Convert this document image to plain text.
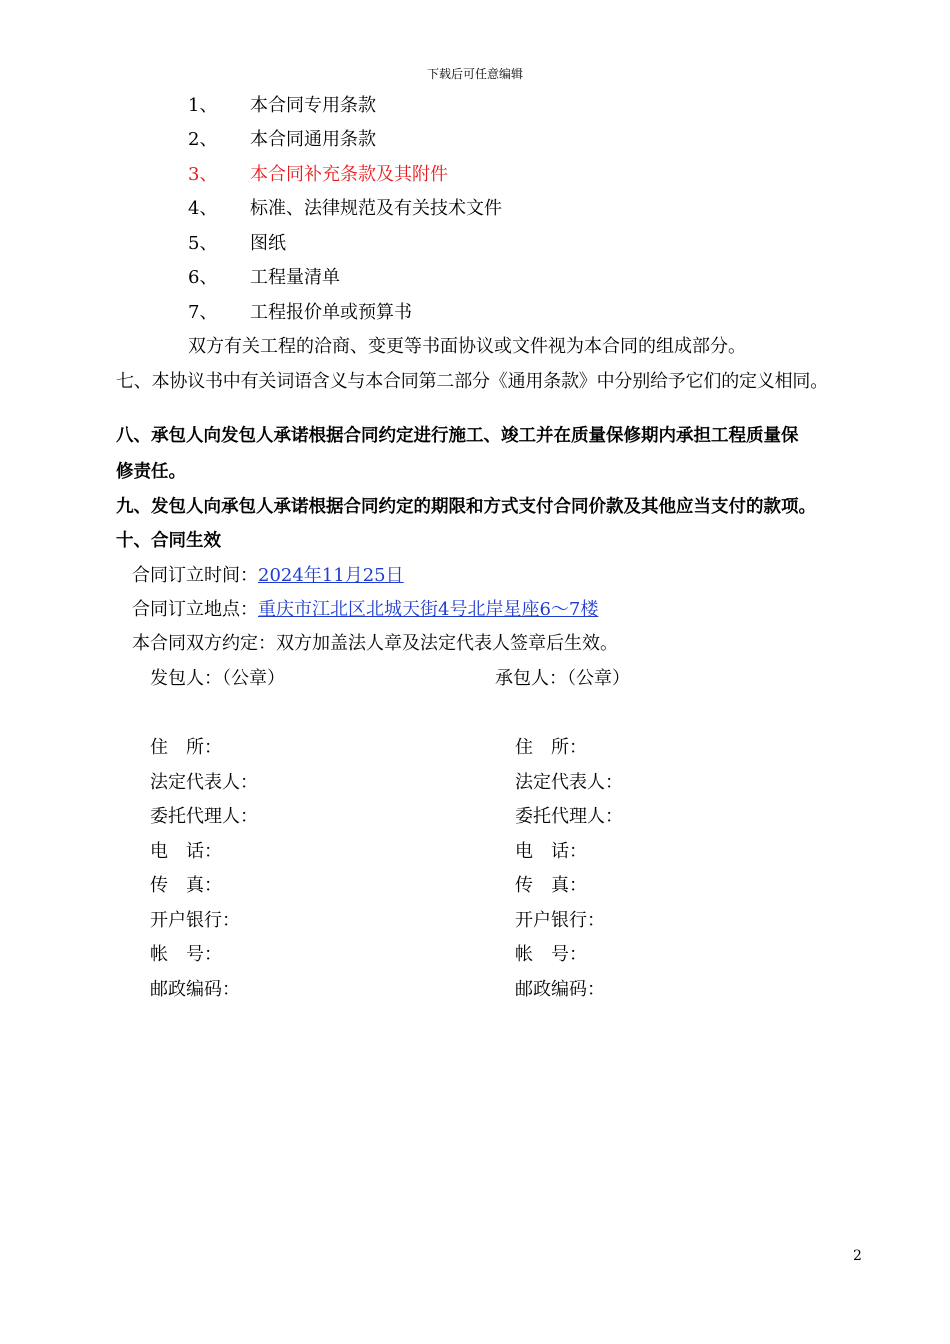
下载后可任意编辑
1、 本合同专用条款
2、 本合同通用条款
3、 本合同补充条款及其附件
4、 标准、法律规范及有关技术文件
5、 图纸
6、 工程量清单
7、 工程报价单或预算书
双方有关工程的洽商、变更等书面协议或文件视为本合同的组成部分。
七、本协议书中有关词语含义与本合同第二部分《通用条款》中分别给予它们的定义相同。
八、承包人向发包人承诺根据合同约定进行施工、竣工并在质量保修期内承担工程质量保
修责任。
九、发包人向承包人承诺根据合同约定的期限和方式支付合同价款及其他应当支付的款项。
十、合同生效
合同订立时间：2024年11月25日
合同订立地点：重庆市江北区北城天街4号北岸星座6～7楼
本合同双方约定：双方加盖法人章及法定代表人签章后生效。
发包人：（公章）	承包人：（公章）
住　所：	住　所：
法定代表人：	法定代表人：
委托代理人：	委托代理人：
电　话：	电　话：
传　真：	传　真：
开户银行：	开户银行：
帐　号：	帐　号：
邮政编码：	邮政编码：
2
